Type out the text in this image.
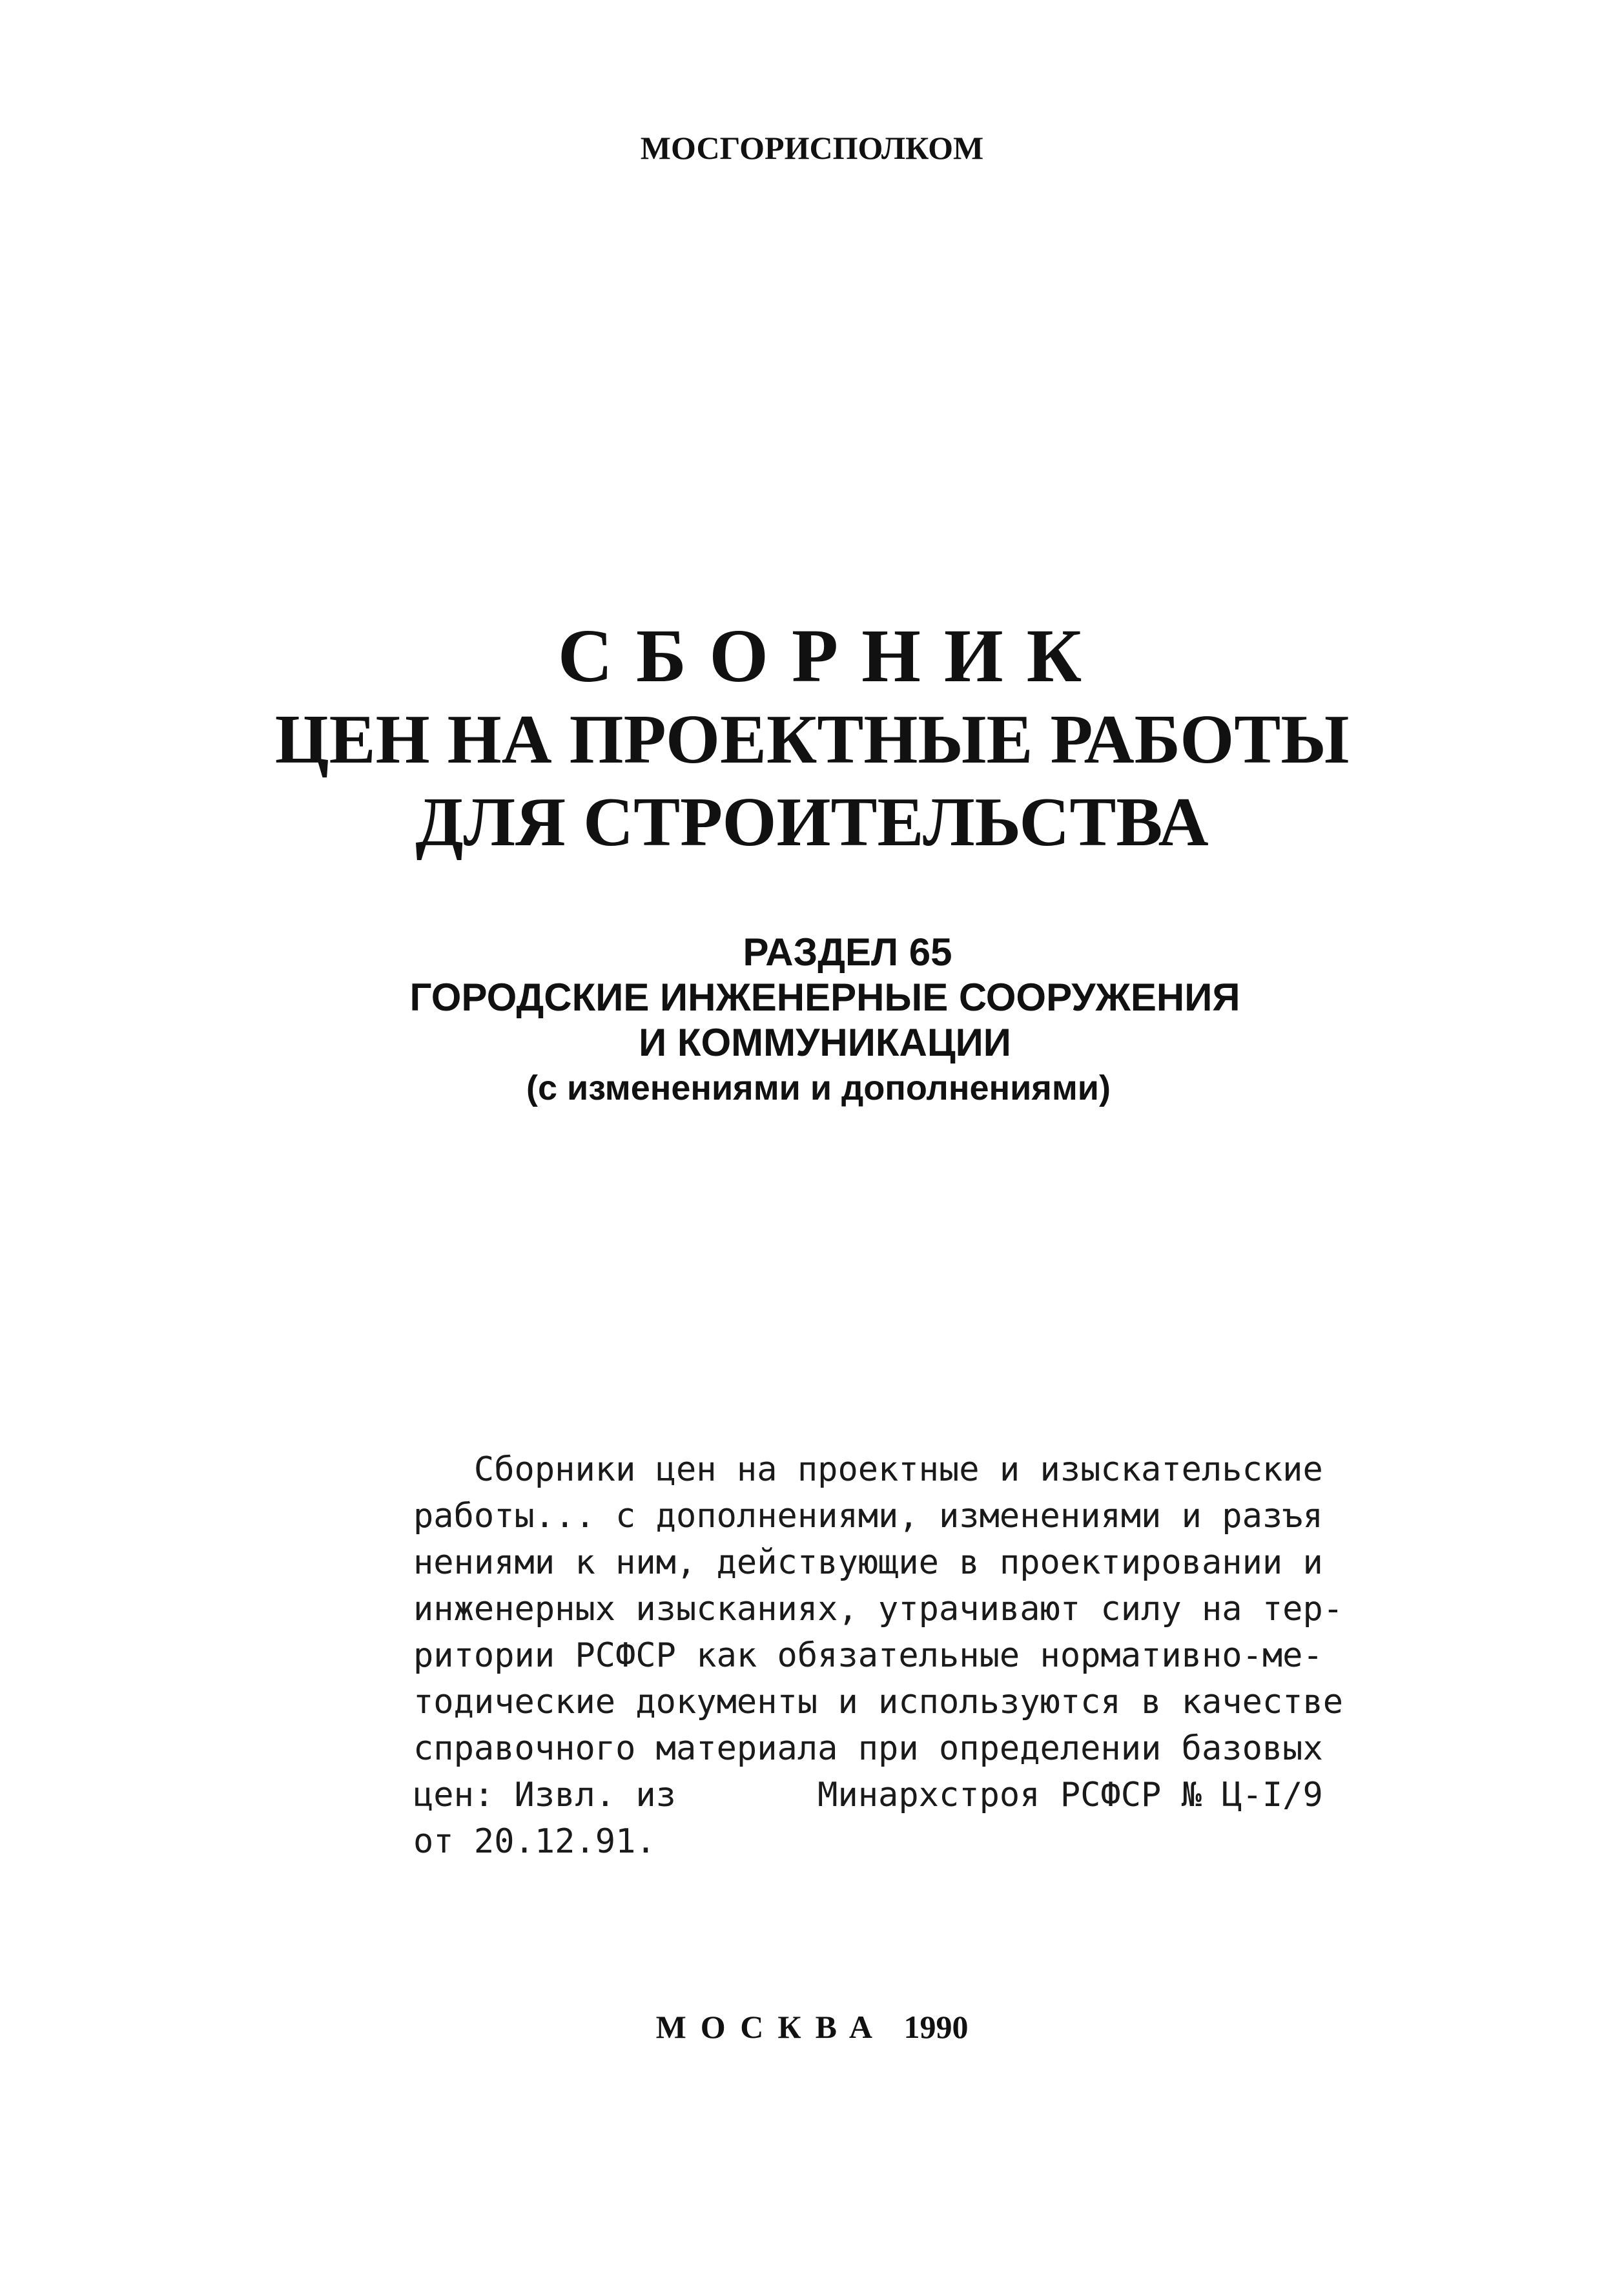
МОСГОРИСПОЛКОМ
СБОРНИК
ЦЕН НА ПРОЕКТНЫЕ РАБОТЫ
ДЛЯ СТРОИТЕЛЬСТВА
РАЗДЕЛ 65
ГОРОДСКИЕ ИНЖЕНЕРНЫЕ СООРУЖЕНИЯ
И КОММУНИКАЦИИ
(с изменениями и дополнениями)
Сборники цен на проектные и изыскательские
работы... с дополнениями, изменениями и разъя
нениями к ним, действующие в проектировании и
инженерных изысканиях, утрачивают силу на тер-
ритории РСФСР как обязательные нормативно-ме-
тодические документы и используются в качестве
справочного материала при определении базовых
цен: Извл. из       Минархстроя РСФСР № Ц-I/9
от 20.12.91.
МОСКВА 1990
